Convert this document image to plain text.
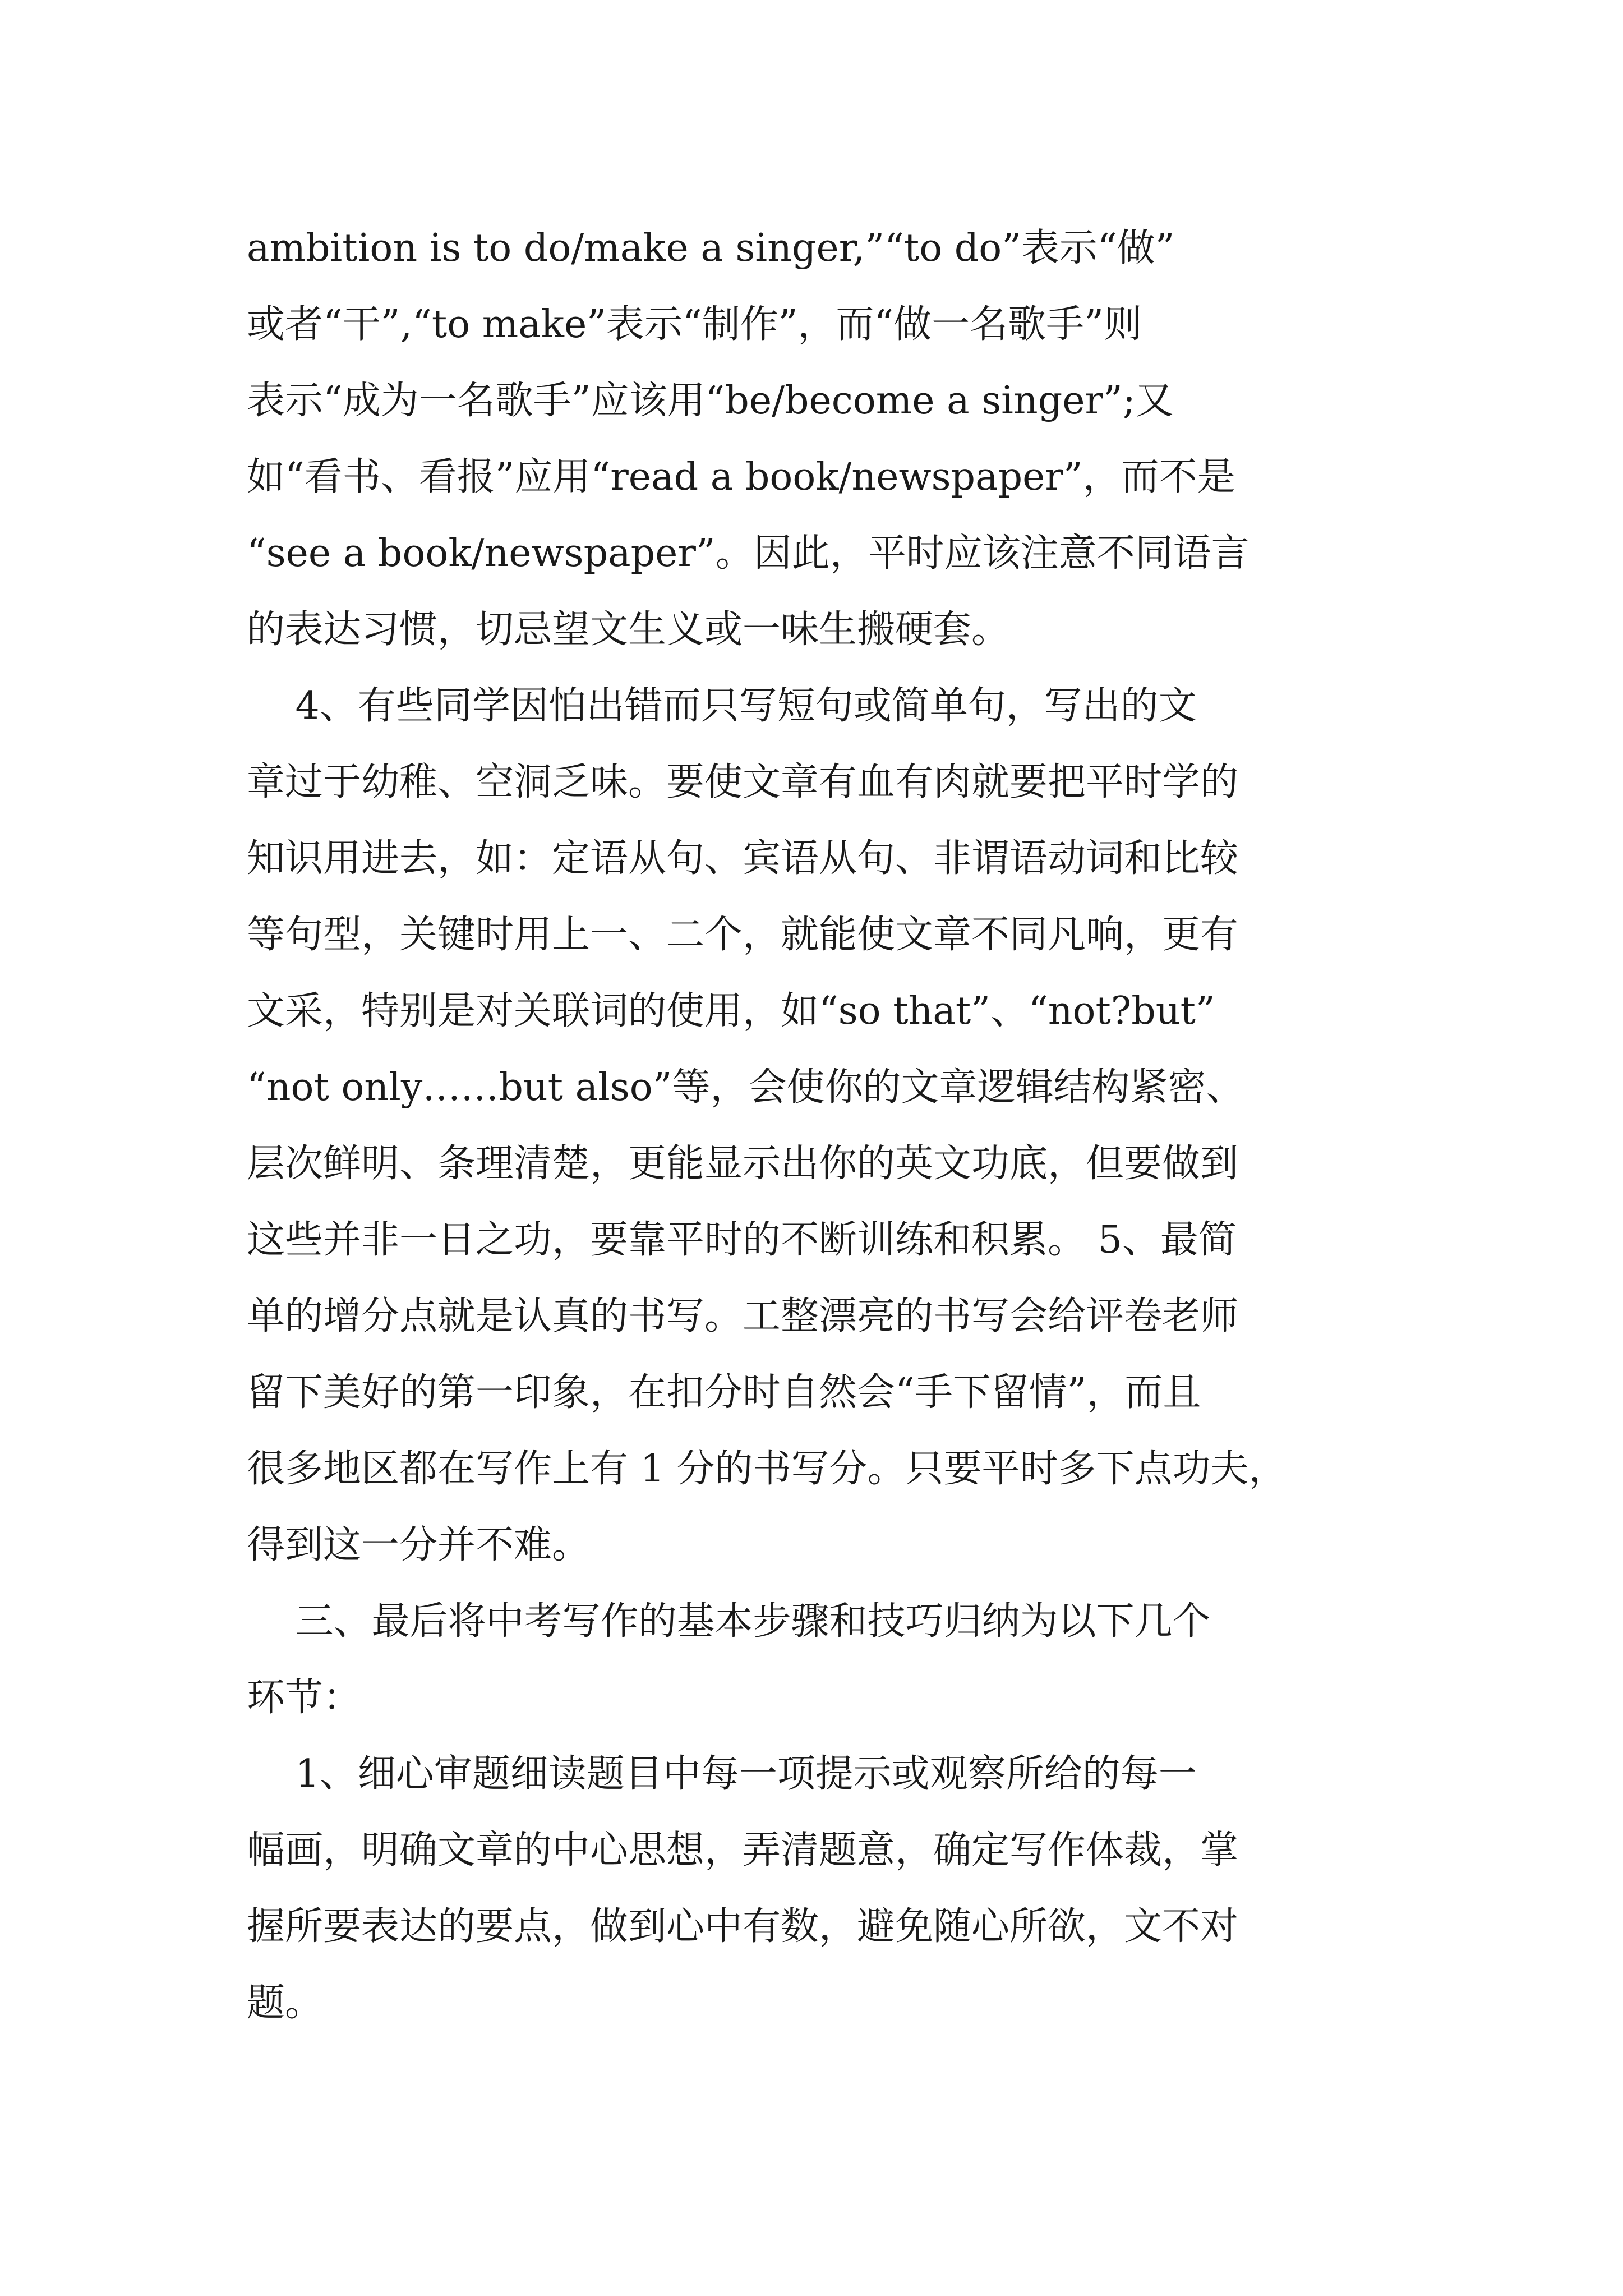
ambition is to do/make a singer,”“to do”表示“做”
或者“干”,“to make”表示“制作”，而“做一名歌手”则
表示“成为一名歌手”应该用“be/become a singer”;又
如“看书、看报”应用“read a book/newspaper”，而不是
“see a book/newspaper”。因此，平时应该注意不同语言
的表达习惯，切忌望文生义或一味生搬硬套。
4、有些同学因怕出错而只写短句或简单句，写出的文
章过于幼稚、空洞乏味。要使文章有血有肉就要把平时学的
知识用进去，如：定语从句、宾语从句、非谓语动词和比较
等句型，关键时用上一、二个，就能使文章不同凡响，更有
文采，特别是对关联词的使用，如“so that”、“not?but”
“not only……but also”等，会使你的文章逻辑结构紧密、
层次鲜明、条理清楚，更能显示出你的英文功底，但要做到
这些并非一日之功，要靠平时的不断训练和积累。 5、最简
单的增分点就是认真的书写。工整漂亮的书写会给评卷老师
留下美好的第一印象，在扣分时自然会“手下留情”，而且
很多地区都在写作上有 1 分的书写分。只要平时多下点功夫，
得到这一分并不难。
三、最后将中考写作的基本步骤和技巧归纳为以下几个
环节：
1、细心审题细读题目中每一项提示或观察所给的每一
幅画，明确文章的中心思想，弄清题意，确定写作体裁，掌
握所要表达的要点，做到心中有数，避免随心所欲，文不对
题。
